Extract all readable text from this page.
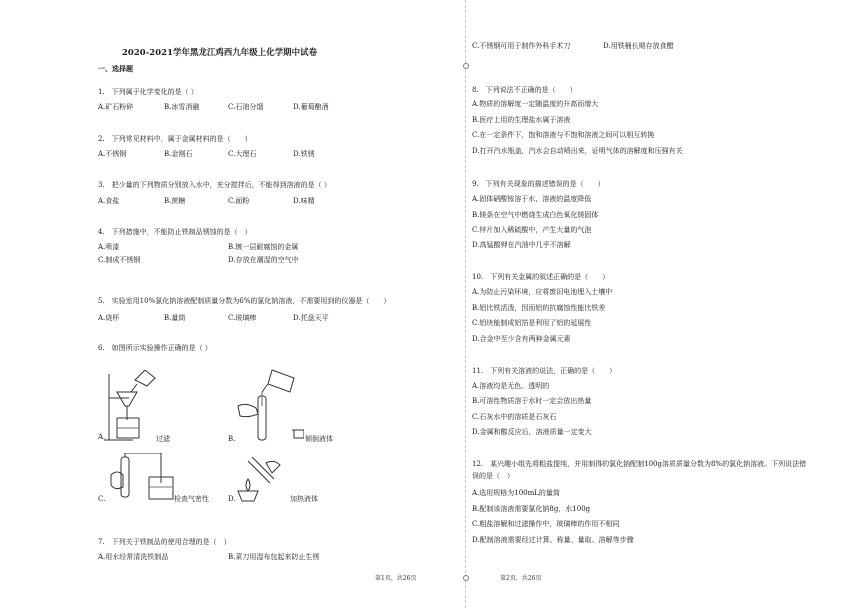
2020-2021学年黑龙江鸡西九年级上化学期中试卷
一、选择题
1.　下列属于化学变化的是（ ）
A.矿石粉碎	B.冰雪消融	C.石油分馏	D.葡萄酿酒
2.　下列常见材料中，属于金属材料的是（　　）
A.不锈钢	B.金刚石	C.大理石	D.铁锈
3.　把少量的下列物质分别放入水中，充分搅拌后，不能得到溶液的是（ ）
A.食盐	B.蔗糖	C.面粉	D.味精
4.　下列措施中，不能防止铁制品锈蚀的是（　）
A.喷漆	B.镀一层耐腐蚀的金属
C.制成不锈钢	D.存放在潮湿的空气中
5.　实验室用10%氯化钠溶液配制质量分数为6%的氯化钠溶液，不需要用到的仪器是（　　）
A.烧杯	B.量筒	C.玻璃棒	D.托盘天平
6.　如图所示实验操作正确的是（ ）
A.	过滤	B.	倾倒液体
C.	检查气密性	D.	加热液体
7.　下列关于铁制品的使用合理的是（　）
A.用水经常清洗铁制品	B.菜刀用湿布包起来防止生锈
第1页，共26页
C.不锈钢可用于制作外科手术刀	D.用铁桶长期存放食醋
8.　下列说法不正确的是（　　）
A.物质的溶解度一定随温度的升高而增大
B.医疗上用的生理盐水属于溶液
C.在一定条件下，饱和溶液与不饱和溶液之间可以相互转换
D.打开汽水瓶盖，汽水会自动喷出来，证明气体的溶解度和压强有关
9.　下列有关现象的描述错误的是（　　）
A.固体硝酸铵溶于水，溶液的温度降低
B.镁条在空气中燃烧生成白色氧化镁固体
C.锌片加入稀硫酸中，产生大量的气泡
D.高锰酸钾在汽油中几乎不溶解
10.　下列有关金属的叙述正确的是（　　）
A.为防止污染环境，应将废旧电池埋入土壤中
B.铝比铁活泼，因而铝的抗腐蚀性能比铁差
C.铝块能制成铝箔是利用了铝的延展性
D.合金中至少含有两种金属元素
11.　下列有关溶液的说法，正确的是（　　）
A.溶液均是无色、透明的
B.可溶性物质溶于水时一定会放出热量
C.石灰水中的溶质是石灰石
D.金属和酸反应后，溶液质量一定变大
12.　某兴趣小组先将粗盐提纯，并用制得的氯化钠配制100g溶质质量分数为8%的氯化钠溶液。下列说法错
误的是（　）
A.选用规格为100mL的量筒
B.配制该溶液需要氯化钠8g，水100g
C.粗盐溶解和过滤操作中，玻璃棒的作用不相同
D.配制溶液需要经过计算、称量、量取、溶解等步骤
第2页，共26页
